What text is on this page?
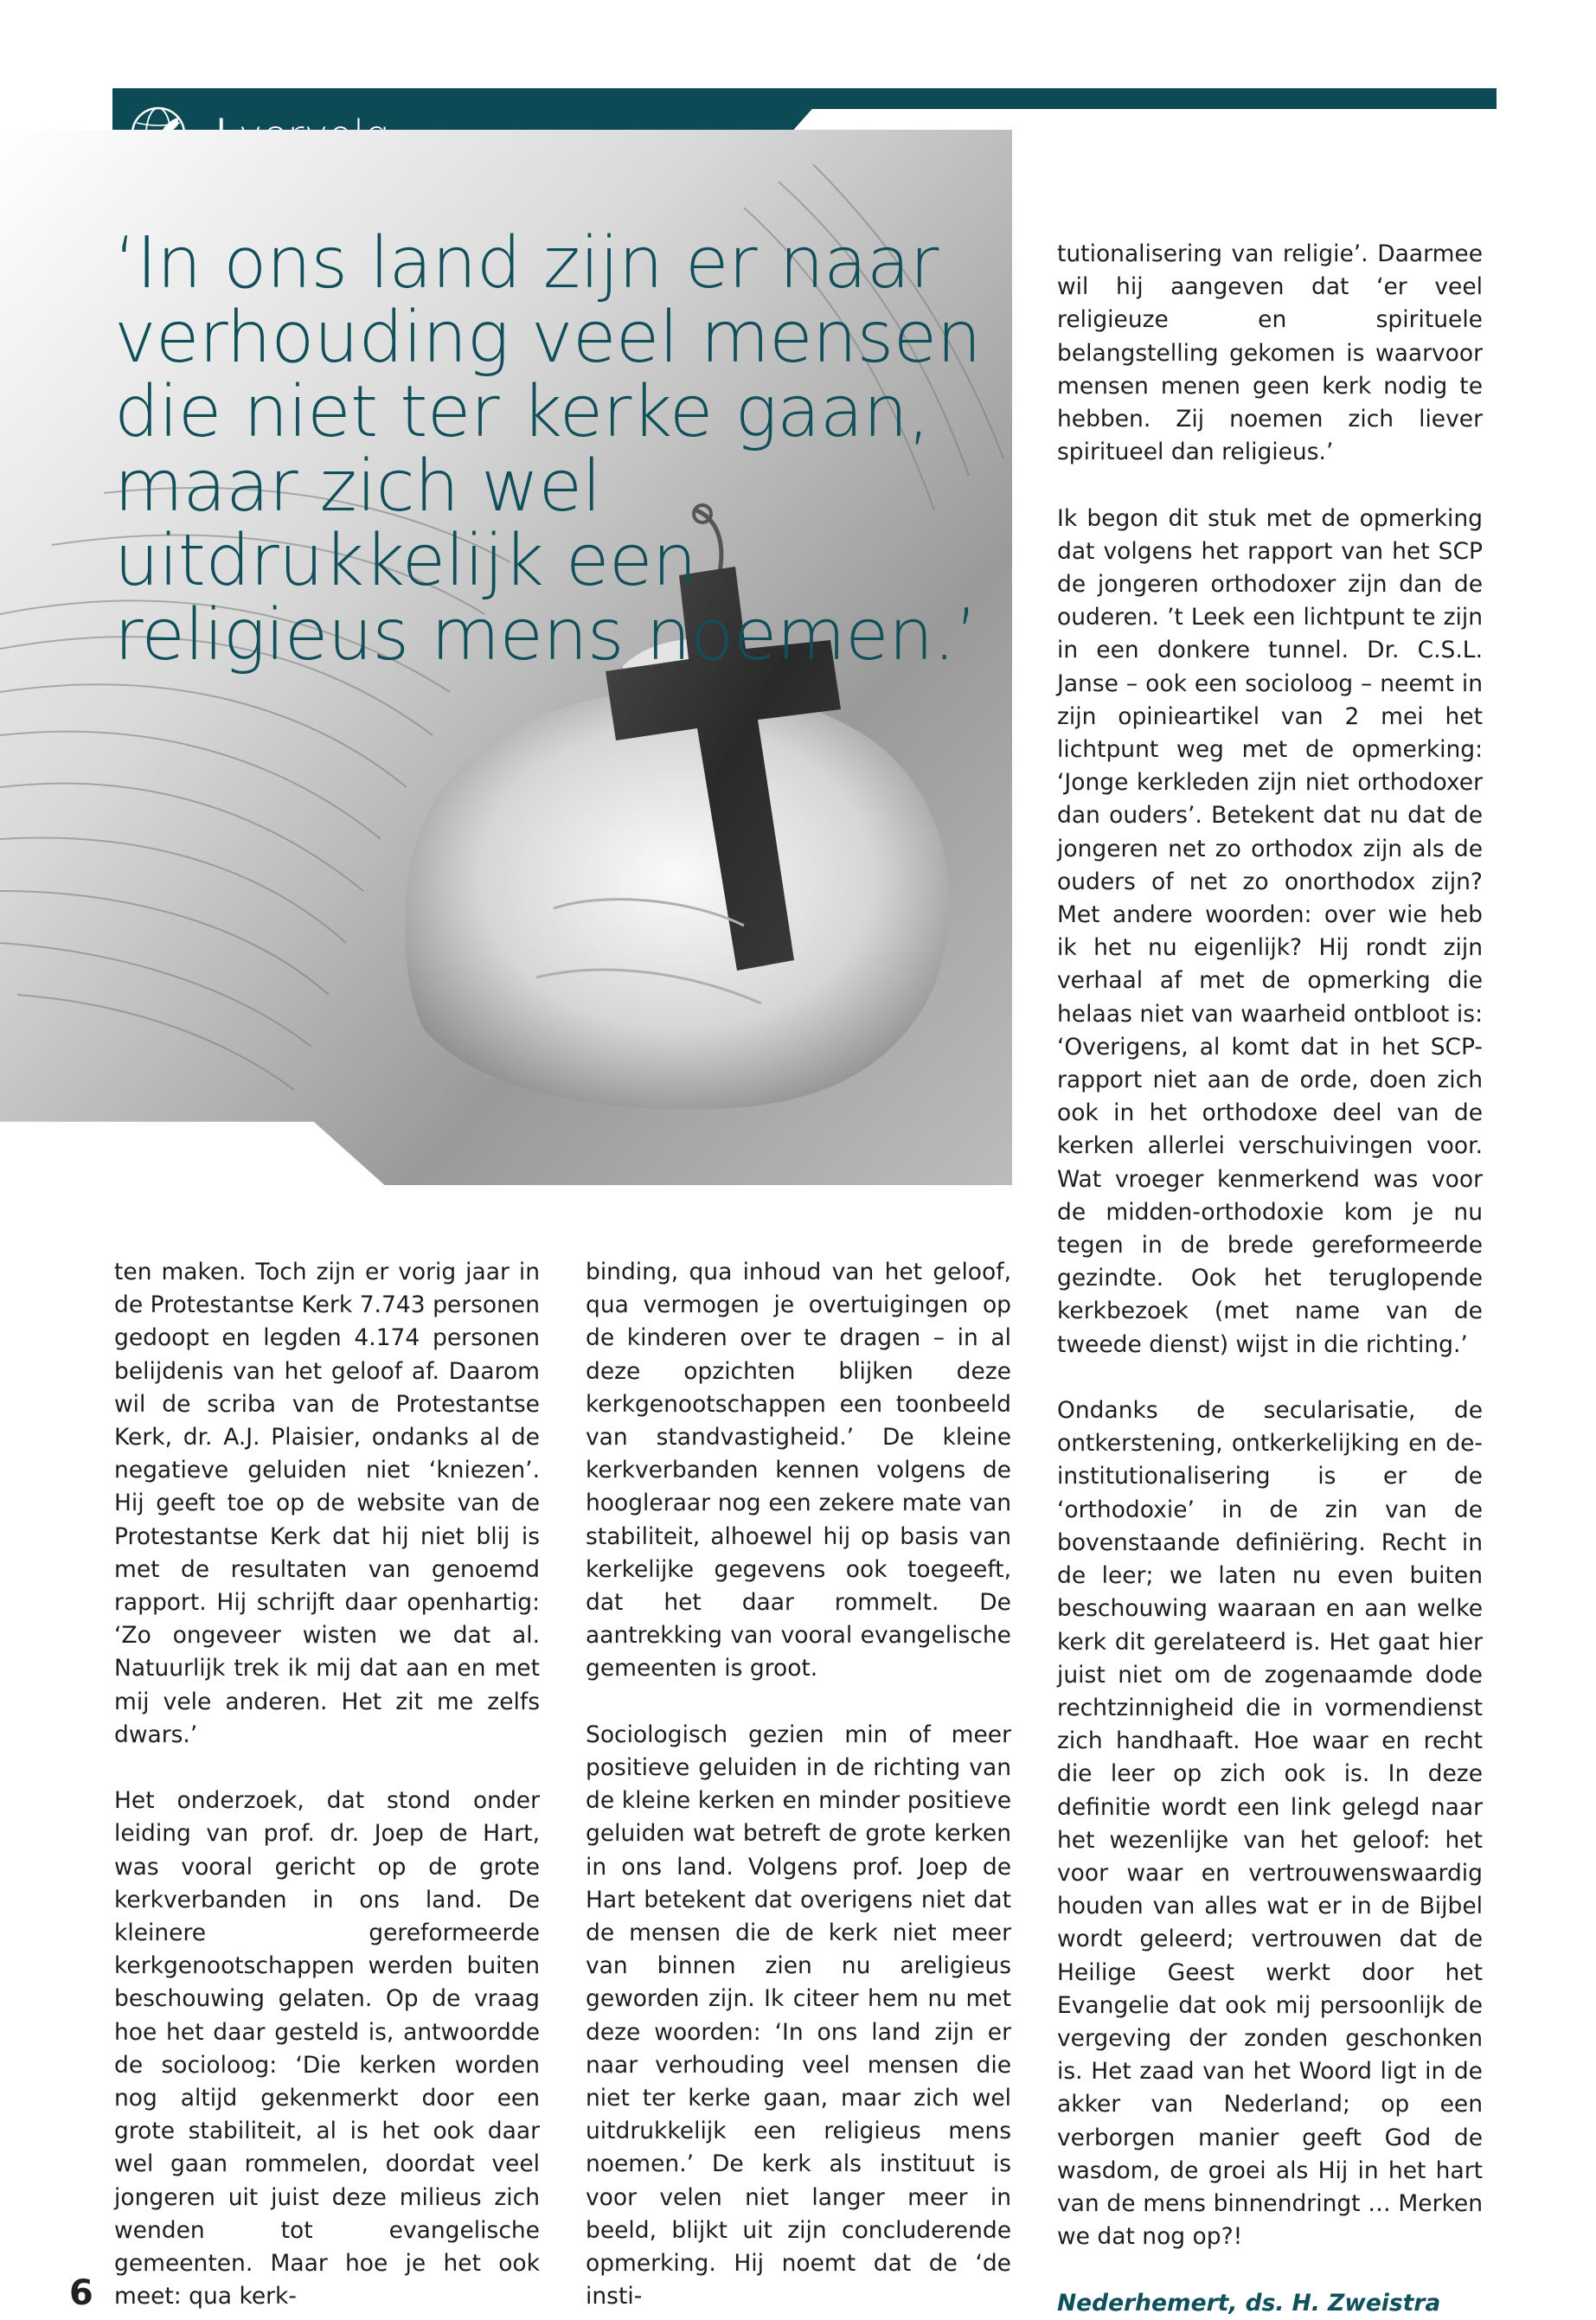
‘In ons land zijn er naar verhouding veel mensen die niet ter kerke gaan, maar zich wel uitdrukkelijk een religieus mens noemen.’

ten maken. Toch zijn er vorig jaar in de Protestantse Kerk 7.743 personen gedoopt en legden 4.174 personen belijdenis van het geloof af. Daarom wil de scriba van de Protestantse Kerk, dr. A.J. Plaisier, ondanks al de negatieve geluiden niet ‘kniezen’. Hij geeft toe op de website van de Protestantse Kerk dat hij niet blij is met de resultaten van genoemd rapport. Hij schrijft daar openhartig: ‘Zo ongeveer wisten we dat al. Natuurlijk trek ik mij dat aan en met mij vele anderen. Het zit me zelfs dwars.’

Het onderzoek, dat stond onder leiding van prof. dr. Joep de Hart, was vooral gericht op de grote kerkverbanden in ons land. De kleinere gereformeerde kerkgenootschappen werden buiten beschouwing gelaten. Op de vraag hoe het daar gesteld is, antwoordde de socioloog: ‘Die kerken worden nog altijd gekenmerkt door een grote stabiliteit, al is het ook daar wel gaan rommelen, doordat veel jongeren uit juist deze milieus zich wenden tot evangelische gemeenten. Maar hoe je het ook meet: qua kerk-

binding, qua inhoud van het geloof, qua vermogen je overtuigingen op de kinderen over te dragen – in al deze opzichten blijken deze kerkgenootschappen een toonbeeld van standvastigheid.’ De kleine kerkverbanden kennen volgens de hoogleraar nog een zekere mate van stabiliteit, alhoewel hij op basis van kerkelijke gegevens ook toegeeft, dat het daar rommelt. De aantrekking van vooral evangelische gemeenten is groot.

Sociologisch gezien min of meer positieve geluiden in de richting van de kleine kerken en minder positieve geluiden wat betreft de grote kerken in ons land. Volgens prof. Joep de Hart betekent dat overigens niet dat de mensen die de kerk niet meer van binnen zien nu areligieus geworden zijn. Ik citeer hem nu met deze woorden: ‘In ons land zijn er naar verhouding veel mensen die niet ter kerke gaan, maar zich wel uitdrukkelijk een religieus mens noemen.’ De kerk als instituut is voor velen niet langer meer in beeld, blijkt uit zijn concluderende opmerking. Hij noemt dat de ‘de insti-

tutionalisering van religie’. Daarmee wil hij aangeven dat ‘er veel religieuze en spirituele belangstelling gekomen is waarvoor mensen menen geen kerk nodig te hebben. Zij noemen zich liever spiritueel dan religieus.’

Ik begon dit stuk met de opmerking dat volgens het rapport van het SCP de jongeren orthodoxer zijn dan de ouderen. ’t Leek een lichtpunt te zijn in een donkere tunnel. Dr. C.S.L. Janse – ook een socioloog – neemt in zijn opinieartikel van 2 mei het lichtpunt weg met de opmerking: ‘Jonge kerkleden zijn niet orthodoxer dan ouders’. Betekent dat nu dat de jongeren net zo orthodox zijn als de ouders of net zo onorthodox zijn? Met andere woorden: over wie heb ik het nu eigenlijk? Hij rondt zijn verhaal af met de opmerking die helaas niet van waarheid ontbloot is: ‘Overigens, al komt dat in het SCP-rapport niet aan de orde, doen zich ook in het orthodoxe deel van de kerken allerlei verschuivingen voor. Wat vroeger kenmerkend was voor de midden-orthodoxie kom je nu tegen in de brede gereformeerde gezindte. Ook het teruglopende kerkbezoek (met name van de tweede dienst) wijst in die richting.’

Ondanks de secularisatie, de ontkerstening, ontkerkelijking en de-institutionalisering is er de ‘orthodoxie’ in de zin van de bovenstaande definiëring. Recht in de leer; we laten nu even buiten beschouwing waaraan en aan welke kerk dit gerelateerd is. Het gaat hier juist niet om de zogenaamde dode rechtzinnigheid die in vormendienst zich handhaaft. Hoe waar en recht die leer op zich ook is. In deze definitie wordt een link gelegd naar het wezenlijke van het geloof: het voor waar en vertrouwenswaardig houden van alles wat er in de Bijbel wordt geleerd; vertrouwen dat de Heilige Geest werkt door het Evangelie dat ook mij persoonlijk de vergeving der zonden geschonken is. Het zaad van het Woord ligt in de akker van Nederland; op een verborgen manier geeft God de wasdom, de groei als Hij in het hart van de mens binnendringt … Merken we dat nog op?!

Nederhemert, ds. H. Zweistra
6
